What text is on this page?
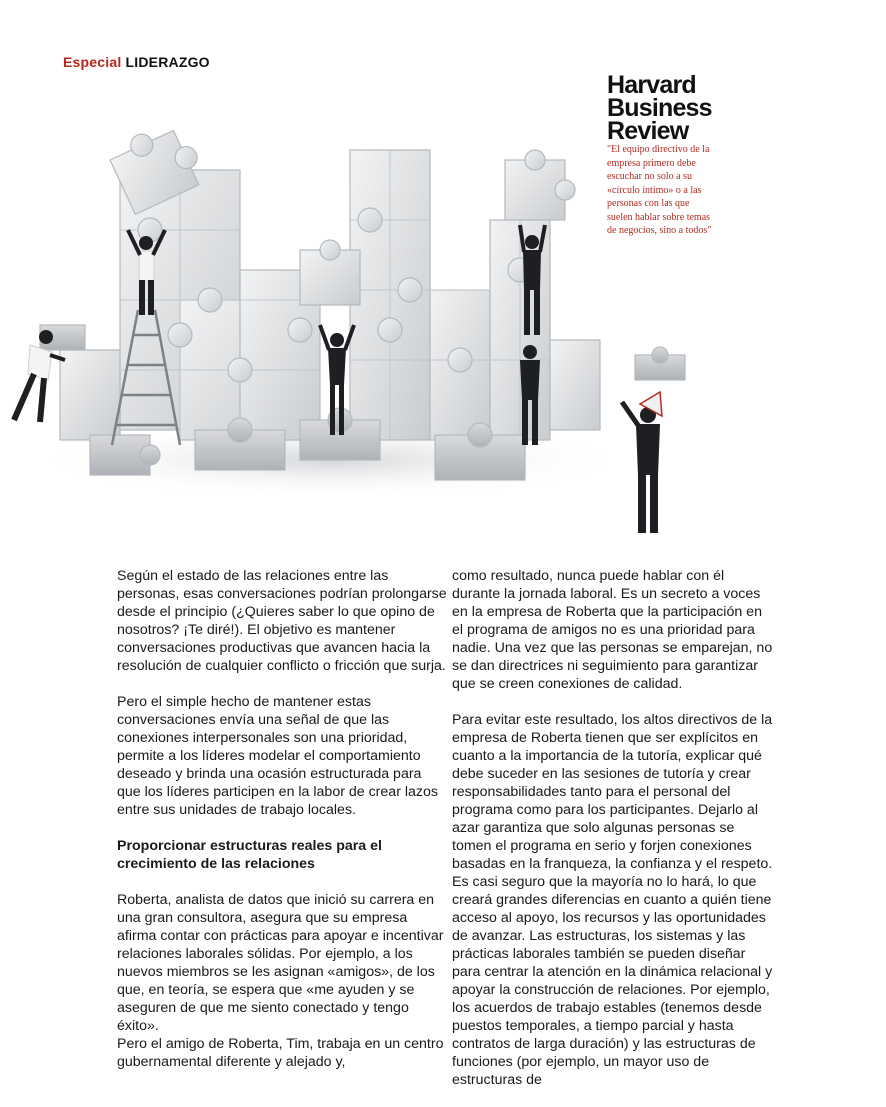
Especial LIDERAZGO
Harvard
Business
Review
"El equipo directivo de la empresa primero debe escuchar no solo a su «círculo íntimo» o a las personas con las que suelen hablar sobre temas de negocios, sino a todos"

Según el estado de las relaciones entre las personas, esas conversaciones podrían prolongarse desde el principio (¿Quieres saber lo que opino de nosotros? ¡Te diré!). El objetivo es mantener conversaciones productivas que avancen hacia la resolución de cualquier conflicto o fricción que surja.

Pero el simple hecho de mantener estas conversaciones envía una señal de que las conexiones interpersonales son una prioridad, permite a los líderes modelar el comportamiento deseado y brinda una ocasión estructurada para que los líderes participen en la labor de crear lazos entre sus unidades de trabajo locales.

Proporcionar estructuras reales para el crecimiento de las relaciones

Roberta, analista de datos que inició su carrera en una gran consultora, asegura que su empresa afirma contar con prácticas para apoyar e incentivar relaciones laborales sólidas. Por ejemplo, a los nuevos miembros se les asignan «amigos», de los que, en teoría, se espera que «me ayuden y se aseguren de que me siento conectado y tengo éxito».

Pero el amigo de Roberta, Tim, trabaja en un centro gubernamental diferente y alejado y,

como resultado, nunca puede hablar con él durante la jornada laboral. Es un secreto a voces en la empresa de Roberta que la participación en el programa de amigos no es una prioridad para nadie. Una vez que las personas se emparejan, no se dan directrices ni seguimiento para garantizar que se creen conexiones de calidad.

Para evitar este resultado, los altos directivos de la empresa de Roberta tienen que ser explícitos en cuanto a la importancia de la tutoría, explicar qué debe suceder en las sesiones de tutoría y crear responsabilidades tanto para el personal del programa como para los participantes. Dejarlo al azar garantiza que solo algunas personas se tomen el programa en serio y forjen conexiones basadas en la franqueza, la confianza y el respeto. Es casi seguro que la mayoría no lo hará, lo que creará grandes diferencias en cuanto a quién tiene acceso al apoyo, los recursos y las oportunidades de avanzar. Las estructuras, los sistemas y las prácticas laborales también se pueden diseñar para centrar la atención en la dinámica relacional y apoyar la construcción de relaciones. Por ejemplo, los acuerdos de trabajo estables (tenemos desde puestos temporales, a tiempo parcial y hasta contratos de larga duración) y las estructuras de funciones (por ejemplo, un mayor uso de estructuras de
